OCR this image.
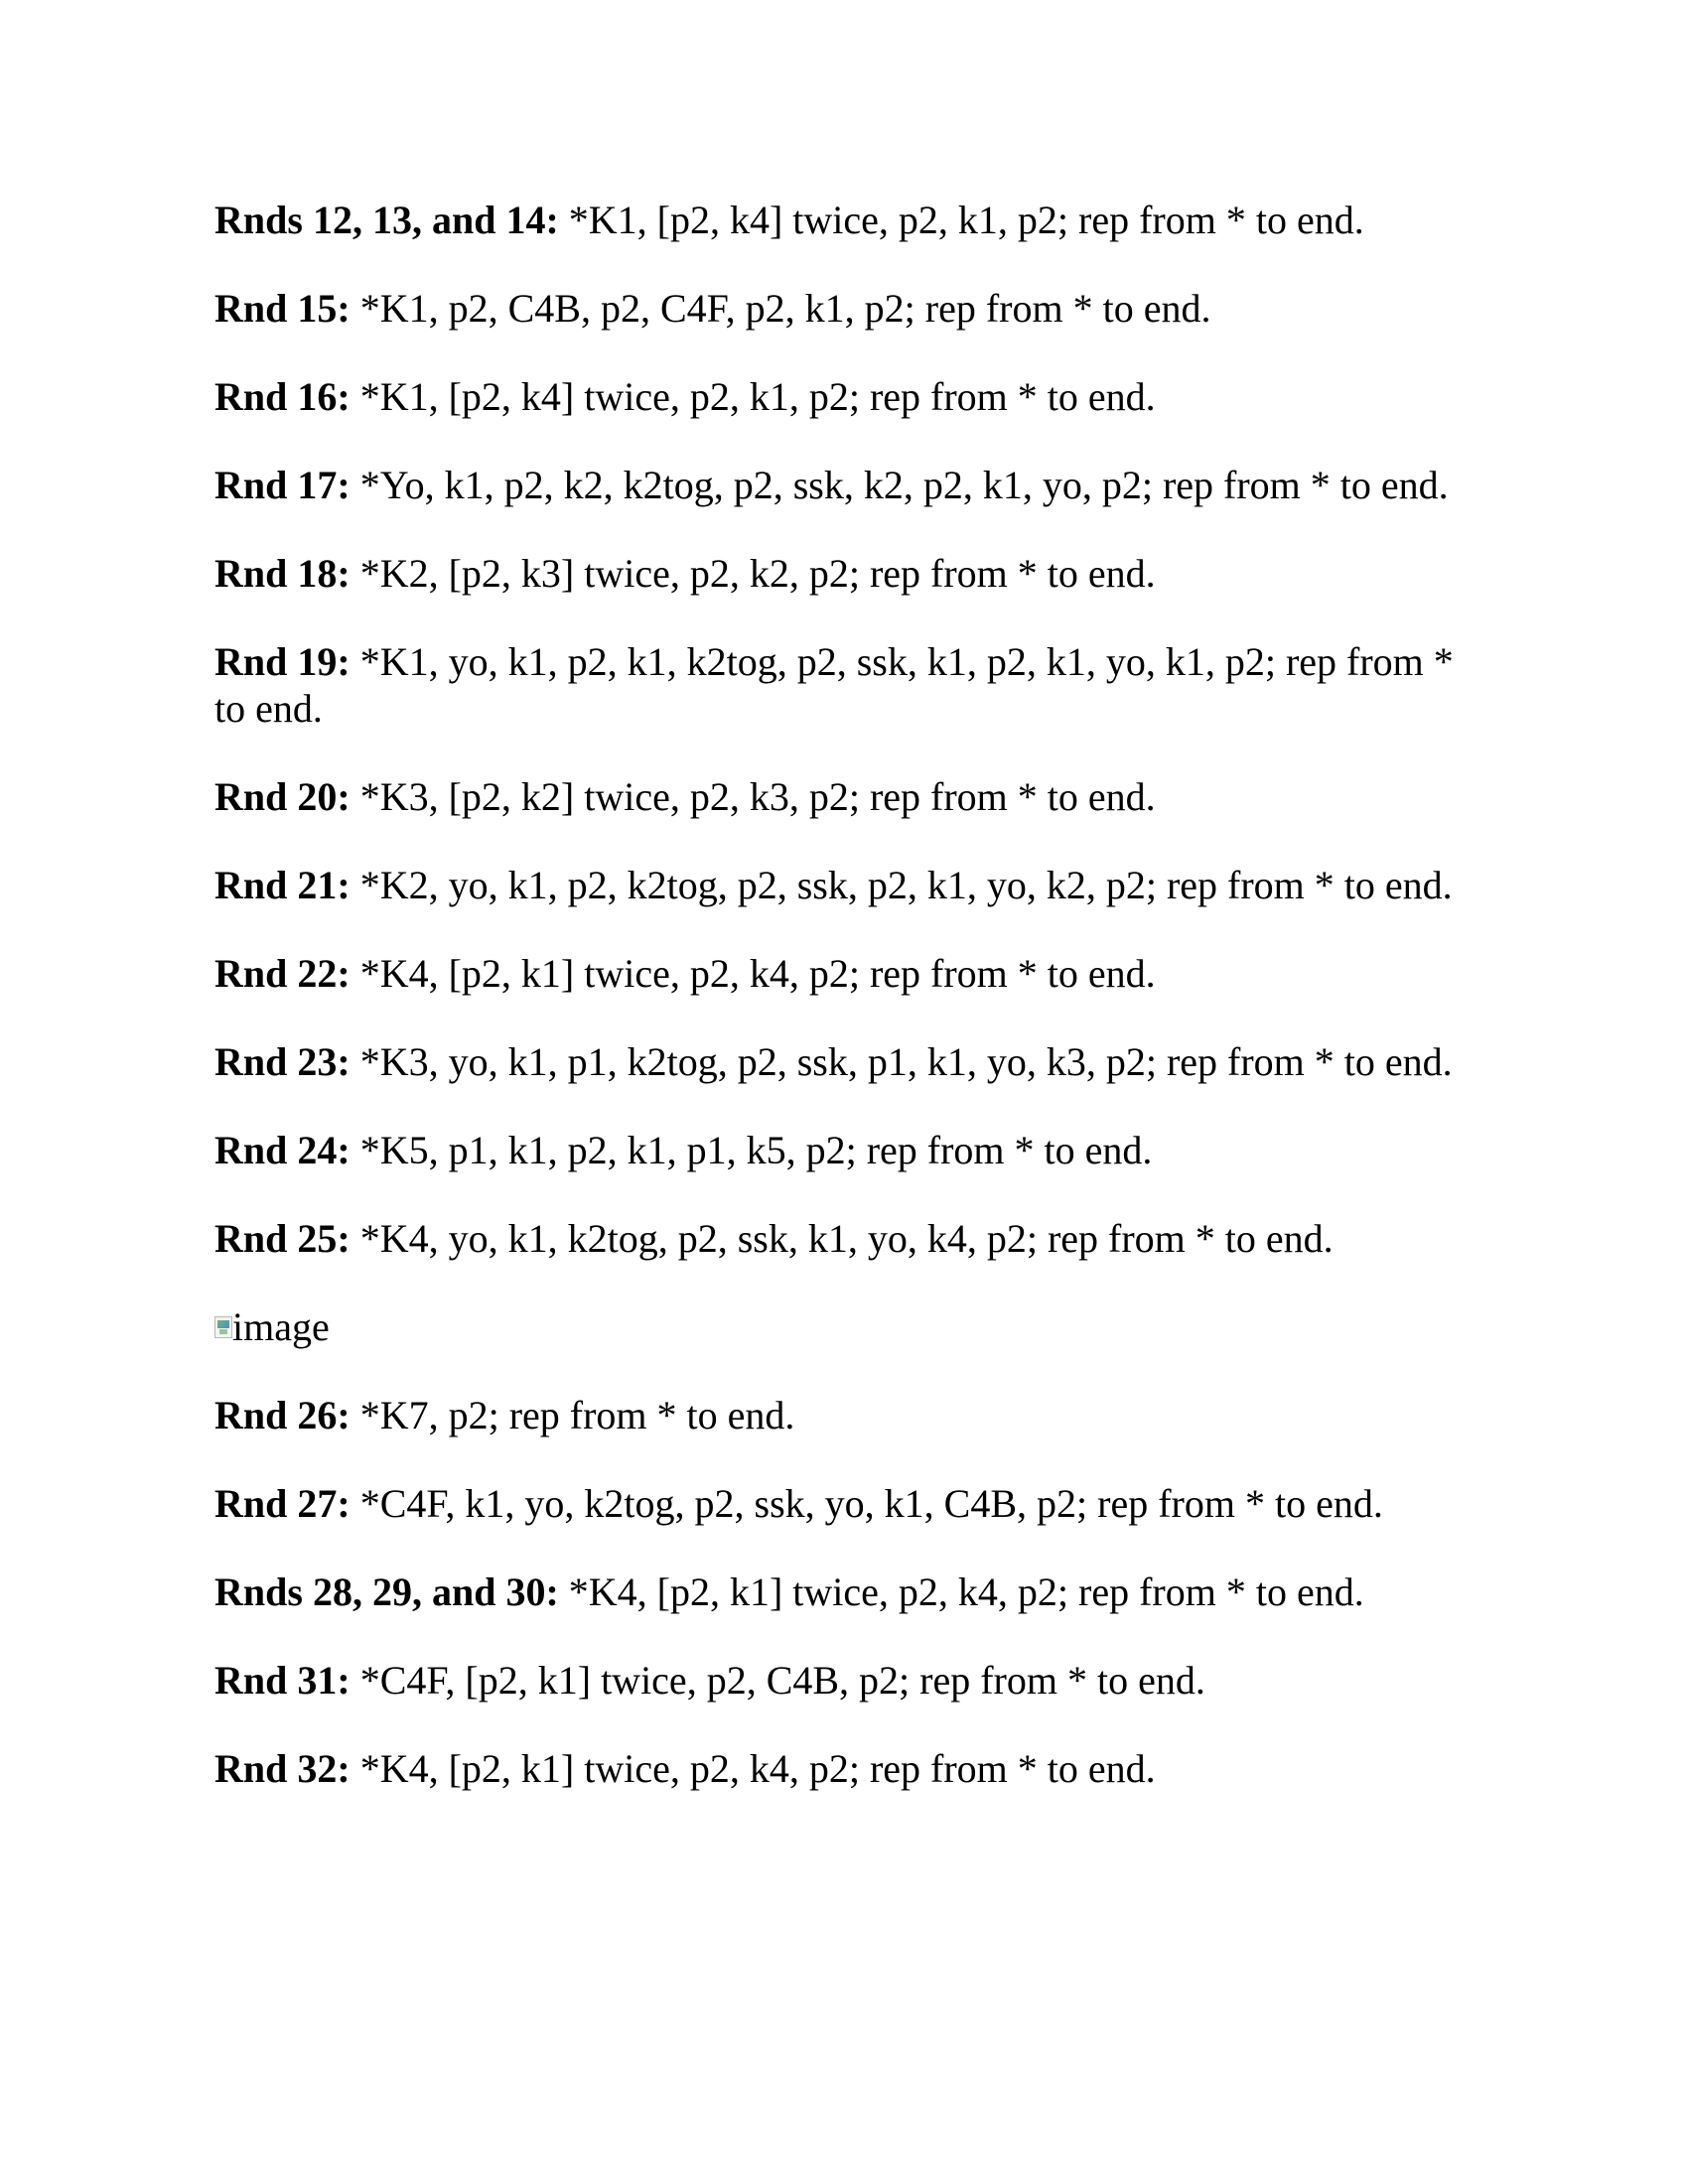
Rnds 12, 13, and 14: *K1, [p2, k4] twice, p2, k1, p2; rep from * to end.

Rnd 15: *K1, p2, C4B, p2, C4F, p2, k1, p2; rep from * to end.

Rnd 16: *K1, [p2, k4] twice, p2, k1, p2; rep from * to end.

Rnd 17: *Yo, k1, p2, k2, k2tog, p2, ssk, k2, p2, k1, yo, p2; rep from * to end.

Rnd 18: *K2, [p2, k3] twice, p2, k2, p2; rep from * to end.

Rnd 19: *K1, yo, k1, p2, k1, k2tog, p2, ssk, k1, p2, k1, yo, k1, p2; rep from * to end.

Rnd 20: *K3, [p2, k2] twice, p2, k3, p2; rep from * to end.

Rnd 21: *K2, yo, k1, p2, k2tog, p2, ssk, p2, k1, yo, k2, p2; rep from * to end.

Rnd 22: *K4, [p2, k1] twice, p2, k4, p2; rep from * to end.

Rnd 23: *K3, yo, k1, p1, k2tog, p2, ssk, p1, k1, yo, k3, p2; rep from * to end.

Rnd 24: *K5, p1, k1, p2, k1, p1, k5, p2; rep from * to end.

Rnd 25: *K4, yo, k1, k2tog, p2, ssk, k1, yo, k4, p2; rep from * to end.

image

Rnd 26: *K7, p2; rep from * to end.

Rnd 27: *C4F, k1, yo, k2tog, p2, ssk, yo, k1, C4B, p2; rep from * to end.

Rnds 28, 29, and 30: *K4, [p2, k1] twice, p2, k4, p2; rep from * to end.

Rnd 31: *C4F, [p2, k1] twice, p2, C4B, p2; rep from * to end.

Rnd 32: *K4, [p2, k1] twice, p2, k4, p2; rep from * to end.
